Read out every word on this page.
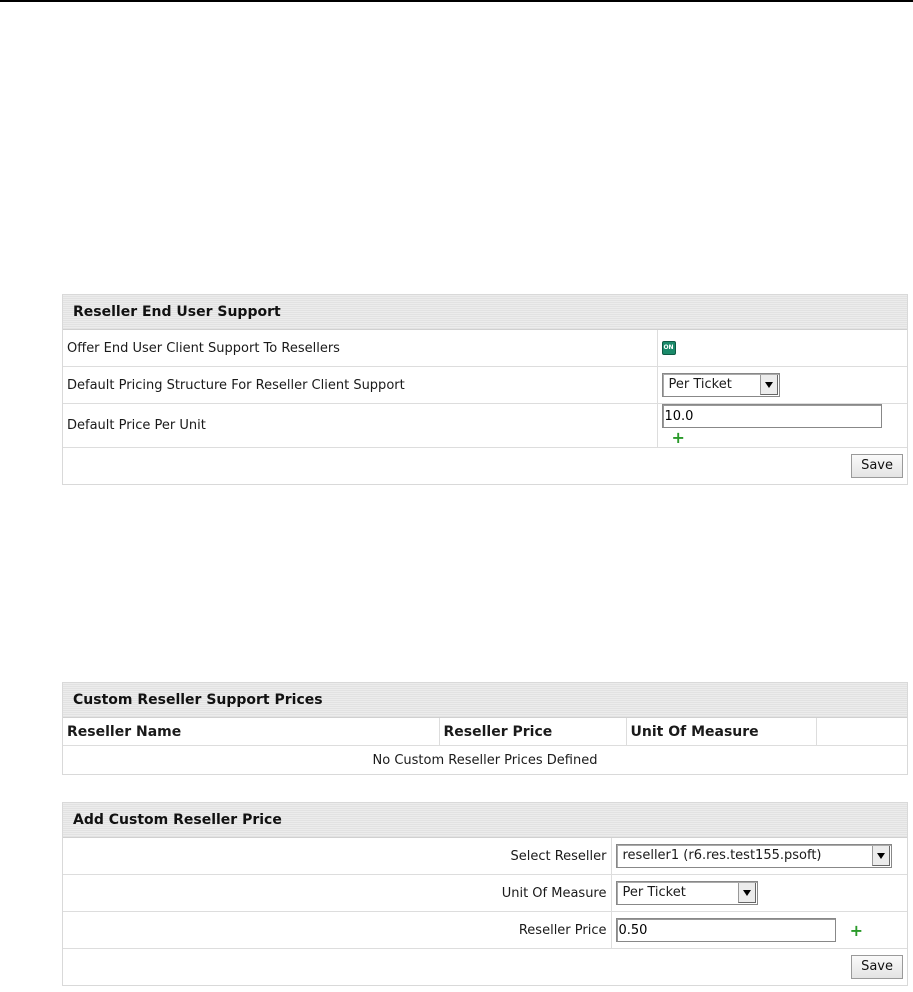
Reseller End User Support
Offer End User Client Support To Resellers	ON
Default Pricing Structure For Reseller Client Support	Per Ticket

Default Price Per Unit	10.0 +
Save	
Custom Reseller Support Prices
Reseller Name	Reseller Price	Unit Of Measure	
No Custom Reseller Prices Defined
Add Custom Reseller Price
Select Reseller	reseller1 (r6.res.test155.psoft)

Unit Of Measure	Per Ticket

Reseller Price	0.50+
Save	
